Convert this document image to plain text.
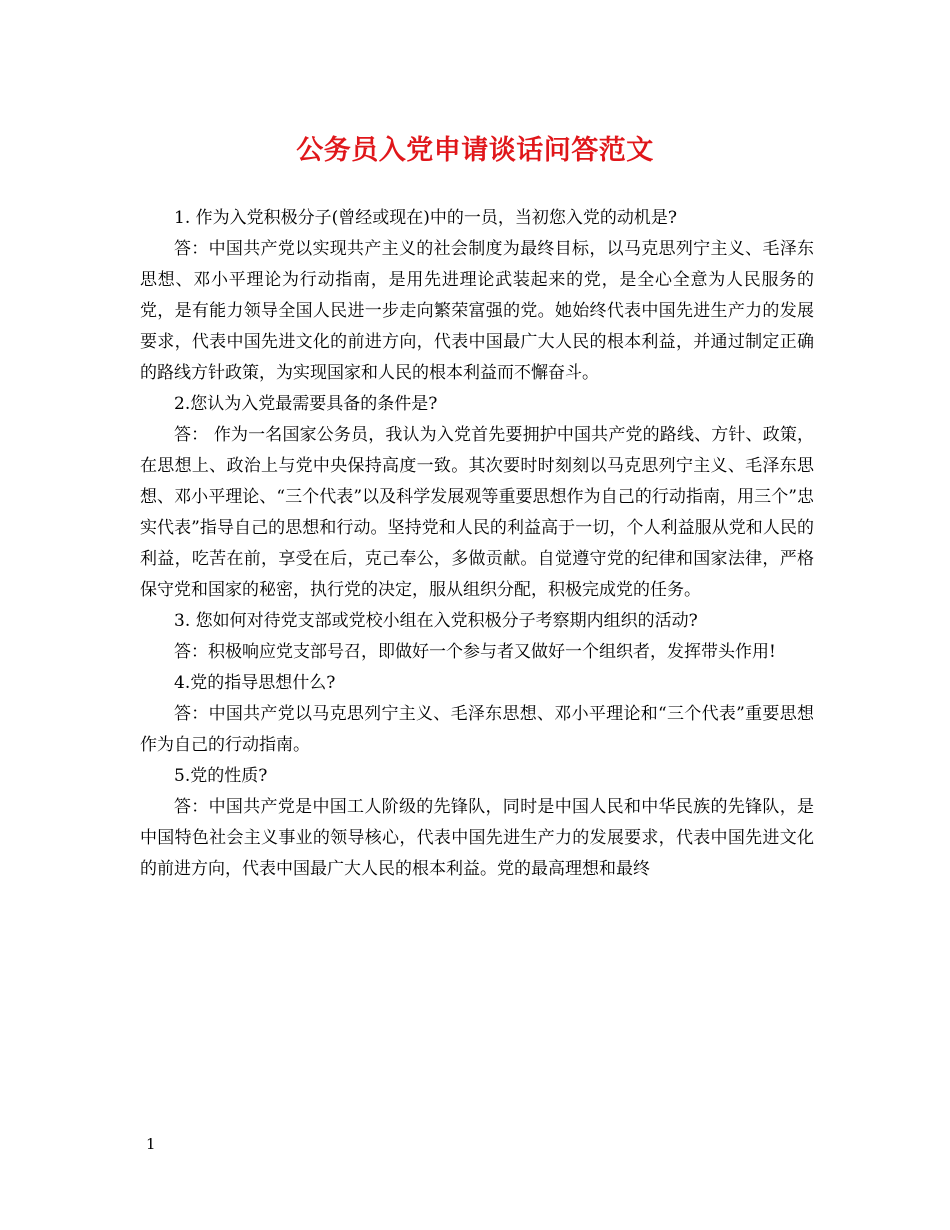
公务员入党申请谈话问答范文

1. 作为入党积极分子(曾经或现在)中的一员，当初您入党的动机是?

答：中国共产党以实现共产主义的社会制度为最终目标，以马克思列宁主义、毛泽东思想、邓小平理论为行动指南，是用先进理论武装起来的党，是全心全意为人民服务的党，是有能力领导全国人民进一步走向繁荣富强的党。她始终代表中国先进生产力的发展要求，代表中国先进文化的前进方向，代表中国最广大人民的根本利益，并通过制定正确的路线方针政策，为实现国家和人民的根本利益而不懈奋斗。

2.您认为入党最需要具备的条件是?

答： 作为一名国家公务员，我认为入党首先要拥护中国共产党的路线、方针、政策，在思想上、政治上与党中央保持高度一致。其次要时时刻刻以马克思列宁主义、毛泽东思想、邓小平理论、“三个代表”以及科学发展观等重要思想作为自己的行动指南，用三个”忠实代表”指导自己的思想和行动。坚持党和人民的利益高于一切，个人利益服从党和人民的利益，吃苦在前，享受在后，克己奉公，多做贡献。自觉遵守党的纪律和国家法律，严格保守党和国家的秘密，执行党的决定，服从组织分配，积极完成党的任务。

3. 您如何对待党支部或党校小组在入党积极分子考察期内组织的活动?

答：积极响应党支部号召，即做好一个参与者又做好一个组织者，发挥带头作用!

4.党的指导思想什么?

答：中国共产党以马克思列宁主义、毛泽东思想、邓小平理论和“三个代表”重要思想作为自己的行动指南。

5.党的性质?

答：中国共产党是中国工人阶级的先锋队，同时是中国人民和中华民族的先锋队，是中国特色社会主义事业的领导核心，代表中国先进生产力的发展要求，代表中国先进文化的前进方向，代表中国最广大人民的根本利益。党的最高理想和最终

1
